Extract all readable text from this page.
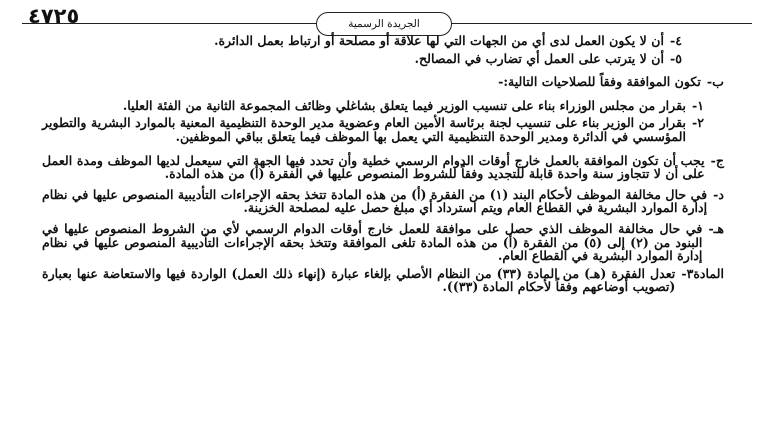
٤٧٢٥	الجريدة الرسمية
٤-
أن لا يكون العمل لدى أي من الجهات التي لها علاقة أو مصلحة أو ارتباط بعمل الدائرة.
٥-
أن لا يترتب على العمل أي تضارب في المصالح.
ب-
تكون الموافقة وفقاً للصلاحيات التالية:-
١-
بقرار من مجلس الوزراء بناء على تنسيب الوزير فيما يتعلق بشاغلي وظائف المجموعة الثانية من الفئة العليا.
٢-
بقرار من الوزير بناء على تنسيب لجنة برئاسة الأمين العام وعضوية مدير الوحدة التنظيمية المعنية بالموارد البشرية والتطوير المؤسسي في الدائرة ومدير الوحدة التنظيمية التي يعمل بها الموظف فيما يتعلق بباقي الموظفين.
ج-
يجب أن تكون الموافقة بالعمل خارج أوقات الدوام الرسمي خطية وأن تحدد فيها الجهة التي سيعمل لديها الموظف ومدة العمل على أن لا تتجاوز سنة واحدة قابلة للتجديد وفقاً للشروط المنصوص عليها في الفقرة (أ) من هذه المادة.
د-
في حال مخالفة الموظف لأحكام البند (١) من الفقرة (أ) من هذه المادة تتخذ بحقه الإجراءات التأديبية المنصوص عليها في نظام إدارة الموارد البشرية في القطاع العام ويتم استرداد أي مبلغ حصل عليه لمصلحة الخزينة.
هـ-
في حال مخالفة الموظف الذي حصل على موافقة للعمل خارج أوقات الدوام الرسمي لأي من الشروط المنصوص عليها في البنود من (٢) إلى (٥) من الفقرة (أ) من هذه المادة تلغى الموافقة وتتخذ بحقه الإجراءات التأديبية المنصوص عليها في نظام إدارة الموارد البشرية في القطاع العام.
المادة٣-
تعدل الفقرة (هـ) من المادة (٣٣) من النظام الأصلي بإلغاء عبارة (إنهاء ذلك العمل) الواردة فيها والاستعاضة عنها بعبارة (تصويب أوضاعهم وفقاً لأحكام المادة (٣٣)).
